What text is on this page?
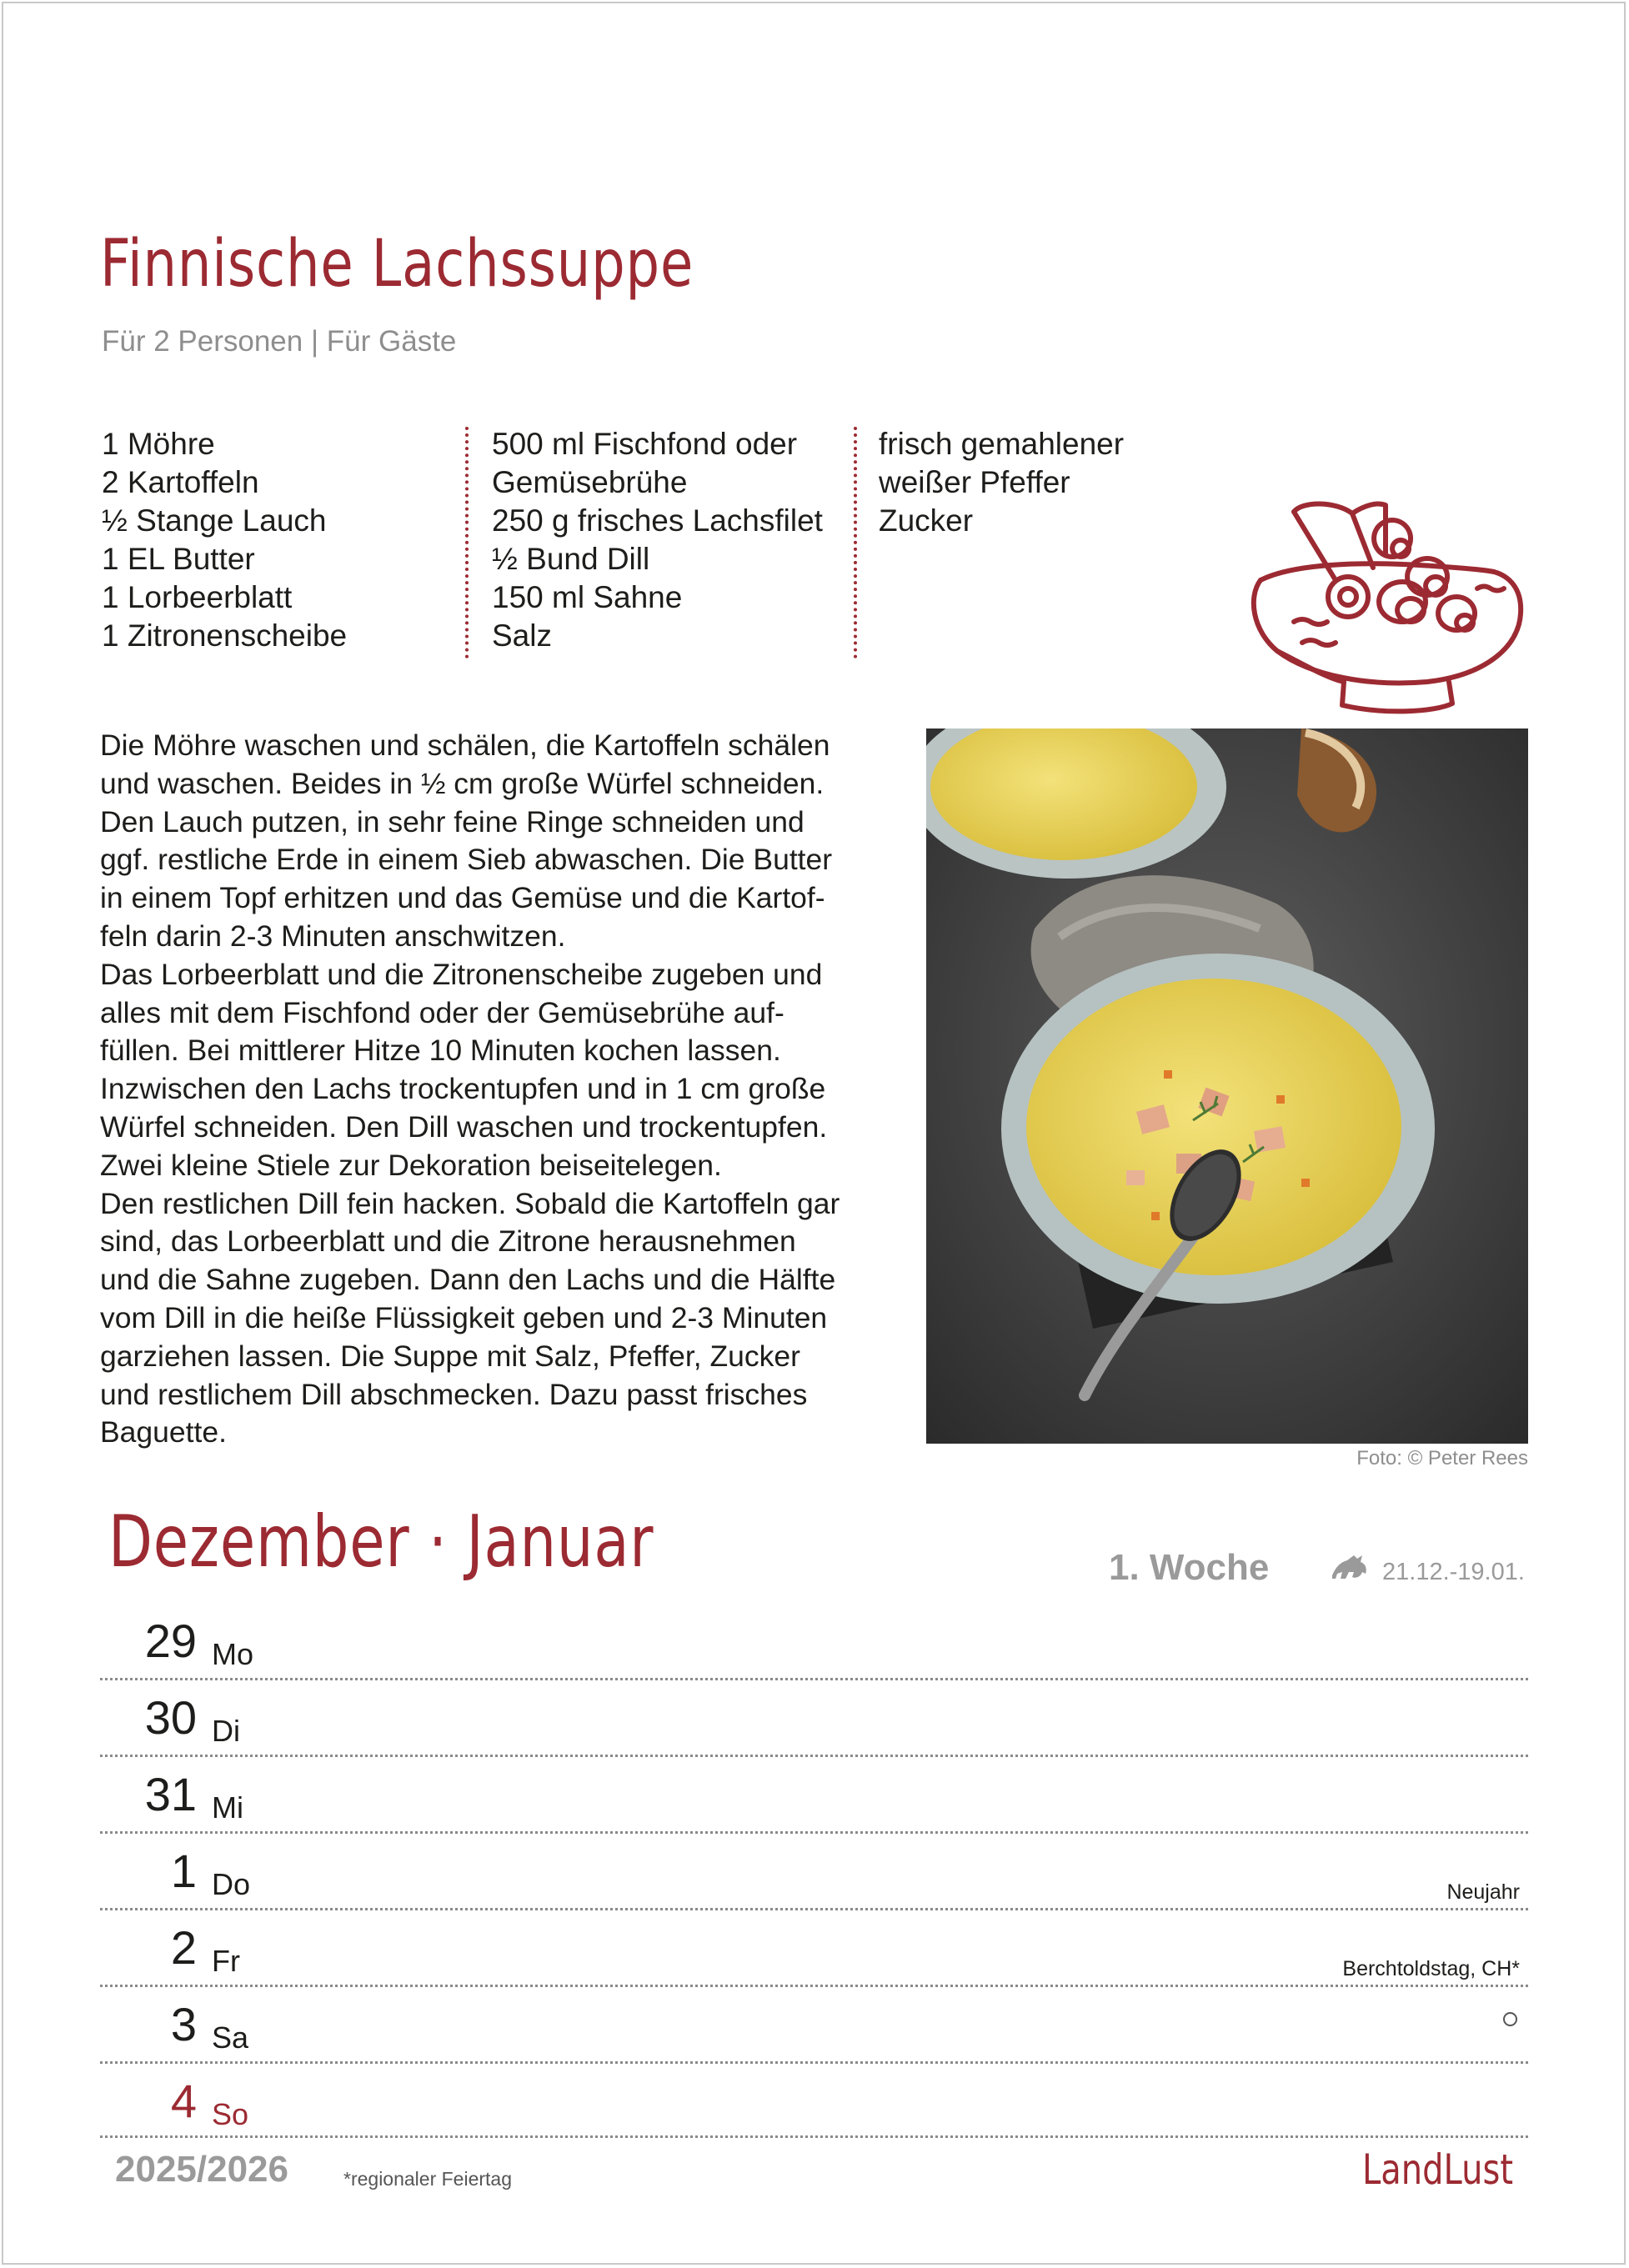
Finnische Lachssuppe
Für 2 Personen | Für Gäste
1 Möhre
2 Kartoffeln
½ Stange Lauch
1 EL Butter
1 Lorbeerblatt
1 Zitronenscheibe
500 ml Fischfond oder
Gemüsebrühe
250 g frisches Lachsfilet
½ Bund Dill
150 ml Sahne
Salz
frisch gemahlener
weißer Pfeffer
Zucker

Die Möhre waschen und schälen, die Kartoffeln schälen

und waschen. Beides in ½ cm große Würfel schneiden.

Den Lauch putzen, in sehr feine Ringe schneiden und

ggf. restliche Erde in einem Sieb abwaschen. Die Butter

in einem Topf erhitzen und das Gemüse und die Kartof-

feln darin 2-3 Minuten anschwitzen.

Das Lorbeerblatt und die Zitronenscheibe zugeben und

alles mit dem Fischfond oder der Gemüsebrühe auf-

füllen. Bei mittlerer Hitze 10 Minuten kochen lassen.

Inzwischen den Lachs trockentupfen und in 1 cm große

Würfel schneiden. Den Dill waschen und trockentupfen.

Zwei kleine Stiele zur Dekoration beiseitelegen.

Den restlichen Dill fein hacken. Sobald die Kartoffeln gar

sind, das Lorbeerblatt und die Zitrone herausnehmen

und die Sahne zugeben. Dann den Lachs und die Hälfte

vom Dill in die heiße Flüssigkeit geben und 2-3 Minuten

garziehen lassen. Die Suppe mit Salz, Pfeffer, Zucker

und restlichem Dill abschmecken. Dazu passt frisches

Baguette.

Foto: © Peter Rees
Dezember · Januar	1. Woche	21.12.-19.01.
29 Mo
30 Di
31 Mi
1 Do	Neujahr
2 Fr	Berchtoldstag, CH*
3 Sa
4 So
2025/2026	*regionaler Feiertag	LandLust
